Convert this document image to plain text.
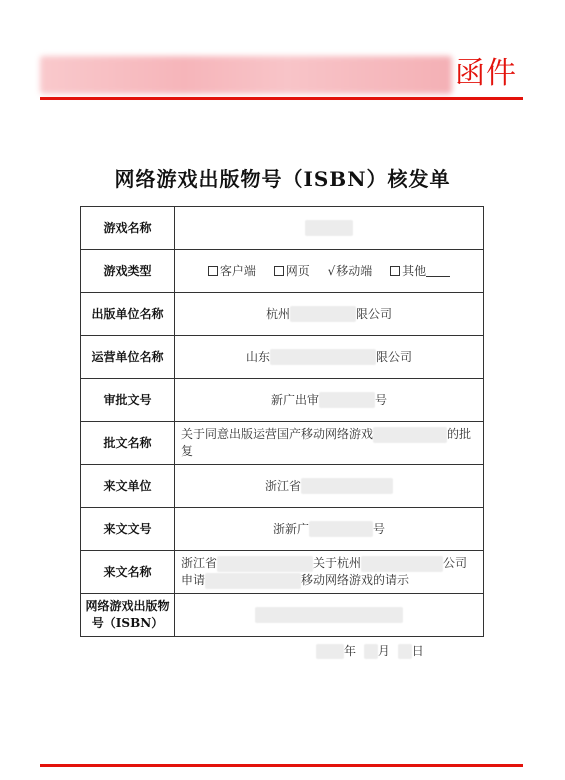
函件
网络游戏出版物号（ISBN）核发单
游戏名称	
游戏类型	客户端 网页 √移动端 其他
出版单位名称	杭州 限公司
运营单位名称	山东 限公司
审批文号	新广出审 号
批文名称	关于同意出版运营国产移动网络游戏 的批复
来文单位	浙江省
来文文号	浙新广 号
来文名称	浙江省 关于杭州 公司
申请 移动网络游戏的请示
网络游戏出版物号（ISBN）	
年 月 日
